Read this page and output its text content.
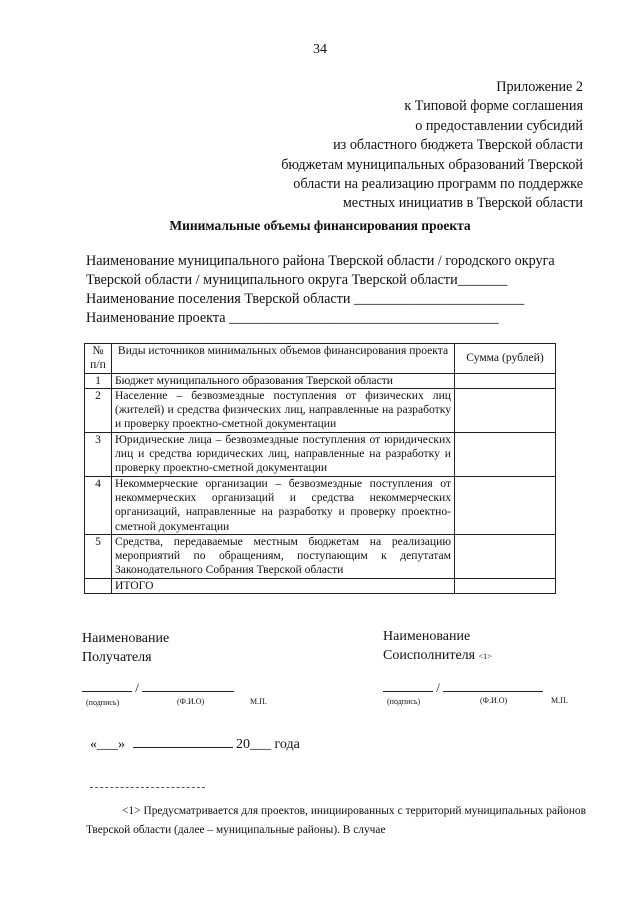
34
Приложение 2
к Типовой форме соглашения
о предоставлении субсидий
из областного бюджета Тверской области
бюджетам муниципальных образований Тверской
области на реализацию программ по поддержке
местных инициатив в Тверской области
Минимальные объемы финансирования проекта
Наименование муниципального района Тверской области / городского округа
Тверской области / муниципального округа Тверской области_______
Наименование поселения Тверской области ________________________
Наименование проекта ______________________________________
№ п/п	Виды источников минимальных объемов финансирования проекта	Сумма (рублей)
1	Бюджет муниципального образования Тверской области	
2	Население – безвозмездные поступления от физических лиц (жителей) и средства физических лиц, направленные на разработку и проверку проектно-сметной документации	
3	Юридические лица – безвозмездные поступления от юридических лиц и средства юридических лиц, направленные на разработку и проверку проектно-сметной документации	
4	Некоммерческие организации – безвозмездные поступления от некоммерческих организаций и средства некоммерческих организаций, направленные на разработку и проверку проектно-сметной документации	
5	Средства, передаваемые местным бюджетам на реализацию мероприятий по обращениям, поступающим к депутатам Законодательного Собрания Тверской области	
	ИТОГО	
Наименование
Получателя
/
(подпись)	(Ф.И.О)	М.П.
Наименование
Соисполнителя <1>
/
(подпись)	(Ф.И.О)	М.П.
«___»	20___ года
<1> Предусматривается для проектов, инициированных с территорий муниципальных районов Тверской области (далее – муниципальные районы). В случае
